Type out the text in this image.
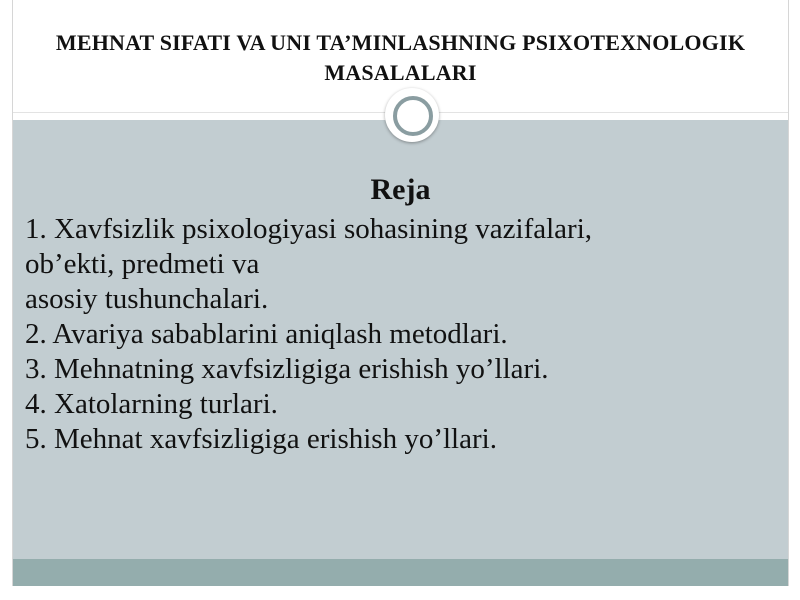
MEHNAT SIFATI VA UNI TA’MINLASHNING PSIXOTEXNOLOGIK MASALALARI
Reja
1. Xavfsizlik psixologiyasi sohasining vazifalari,
ob’ekti, predmeti va
asosiy tushunchalari.
2. Avariya sabablarini aniqlash metodlari.
3. Mehnatning xavfsizligiga erishish yo’llari.
4. Xatolarning turlari.
5. Mehnat xavfsizligiga erishish yo’llari.
